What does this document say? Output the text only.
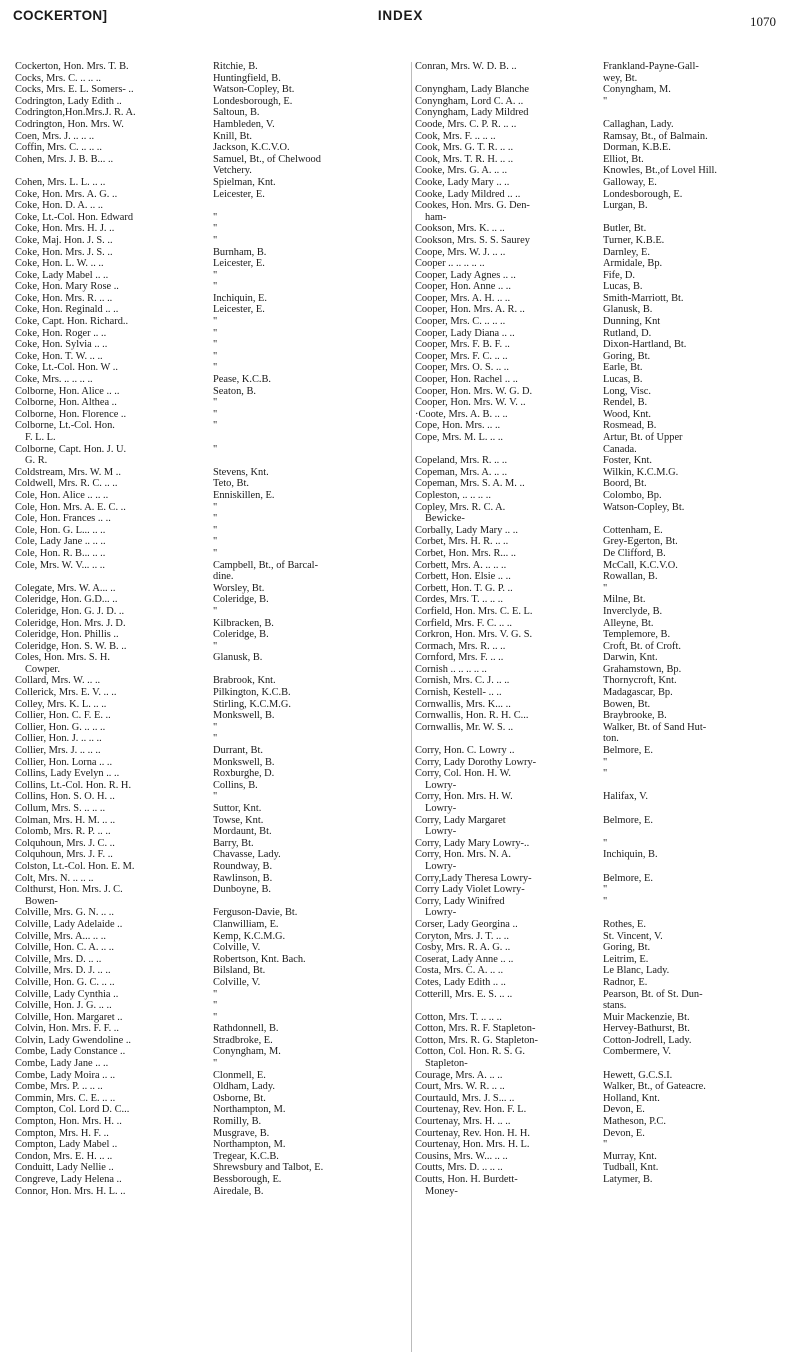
COCKERTON]	INDEX	1070
Cockerton, Hon. Mrs. T. B.	Ritchie, B.
Cocks, Mrs. C. .. .. ..	Huntingfield, B.
Cocks, Mrs. E. L. Somers- ..	Watson-Copley, Bt.
Codrington, Lady Edith ..	Londesborough, E.
Codrington,Hon.Mrs.J. R. A.	Saltoun, B.
Codrington, Hon. Mrs. W.	Hambleden, V.
Coen, Mrs. J. .. .. ..	Knill, Bt.
Coffin, Mrs. C. .. .. ..	Jackson, K.C.V.O.
Cohen, Mrs. J. B. B... ..	Samuel, Bt., of Chelwood
Vetchery.
Cohen, Mrs. L. L. .. ..	Spielman, Knt.
Coke, Hon. Mrs. A. G. ..	Leicester, E.
Coke, Hon. D. A. .. ..
Coke, Lt.-Col. Hon. Edward	"
Coke, Hon. Mrs. H. J. ..	"
Coke, Maj. Hon. J. S. ..	"
Coke, Hon. Mrs. J. S. ..	Burnham, B.
Coke, Hon. L. W. .. ..	Leicester, E.
Coke, Lady Mabel .. ..	"
Coke, Hon. Mary Rose ..	"
Coke, Hon. Mrs. R. .. ..	Inchiquin, E.
Coke, Hon. Reginald .. ..	Leicester, E.
Coke, Capt. Hon. Richard..	"
Coke, Hon. Roger .. ..	"
Coke, Hon. Sylvia .. ..	"
Coke, Hon. T. W. .. ..	"
Coke, Lt.-Col. Hon. W ..	"
Coke, Mrs. .. .. .. ..	Pease, K.C.B.
Colborne, Hon. Alice .. ..	Seaton, B.
Colborne, Hon. Althea ..	"
Colborne, Hon. Florence ..	"
Colborne, Lt.-Col. Hon.	"
F. L. L.
Colborne, Capt. Hon. J. U.	"
G. R.
Coldstream, Mrs. W. M ..	Stevens, Knt.
Coldwell, Mrs. R. C. .. ..	Teto, Bt.
Cole, Hon. Alice .. .. ..	Enniskillen, E.
Cole, Hon. Mrs. A. E. C. ..	"
Cole, Hon. Frances .. ..	"
Cole, Hon. G. L... .. ..	"
Cole, Lady Jane .. .. ..	"
Cole, Hon. R. B... .. ..	"
Cole, Mrs. W. V... .. ..	Campbell, Bt., of Barcal-
dine.
Colegate, Mrs. W. A... ..	Worsley, Bt.
Coleridge, Hon. G.D... ..	Coleridge, B.
Coleridge, Hon. G. J. D. ..	"
Coleridge, Hon. Mrs. J. D.	Kilbracken, B.
Coleridge, Hon. Phillis ..	Coleridge, B.
Coleridge, Hon. S. W. B. ..	"
Coles, Hon. Mrs. S. H.	Glanusk, B.
Cowper.
Collard, Mrs. W. .. ..	Brabrook, Knt.
Collerick, Mrs. E. V. .. ..	Pilkington, K.C.B.
Colley, Mrs. K. L. .. ..	Stirling, K.C.M.G.
Collier, Hon. C. F. E. ..	Monkswell, B.
Collier, Hon. G. .. .. ..	"
Collier, Hon. J. .. .. ..	"
Collier, Mrs. J. .. .. ..	Durrant, Bt.
Collier, Hon. Lorna .. ..	Monkswell, B.
Collins, Lady Evelyn .. ..	Roxburghe, D.
Collins, Lt.-Col. Hon. R. H.	Collins, B.
Collins, Hon. S. O. H. ..	"
Collum, Mrs. S. .. .. ..	Suttor, Knt.
Colman, Mrs. H. M. .. ..	Towse, Knt.
Colomb, Mrs. R. P. .. ..	Mordaunt, Bt.
Colquhoun, Mrs. J. C. ..	Barry, Bt.
Colquhoun, Mrs. J. F. ..	Chavasse, Lady.
Colston, Lt.-Col. Hon. E. M.	Roundway, B.
Colt, Mrs. N. .. .. ..	Rawlinson, B.
Colthurst, Hon. Mrs. J. C.	Dunboyne, B.
Bowen-
Colville, Mrs. G. N. .. ..	Ferguson-Davie, Bt.
Colville, Lady Adelaide ..	Clanwilliam, E.
Colville, Mrs. A... .. ..	Kemp, K.C.M.G.
Colville, Hon. C. A. .. ..	Colville, V.
Colville, Mrs. D. .. ..	Robertson, Knt. Bach.
Colville, Mrs. D. J. .. ..	Bilsland, Bt.
Colville, Hon. G. C. .. ..	Colville, V.
Colville, Lady Cynthia ..	"
Colville, Hon. J. G. .. ..	"
Colville, Hon. Margaret ..	"
Colvin, Hon. Mrs. F. F. ..	Rathdonnell, B.
Colvin, Lady Gwendoline ..	Stradbroke, E.
Combe, Lady Constance ..	Conyngham, M.
Combe, Lady Jane .. ..	"
Combe, Lady Moira .. ..	Clonmell, E.
Combe, Mrs. P. .. .. ..	Oldham, Lady.
Commin, Mrs. C. E. .. ..	Osborne, Bt.
Compton, Col. Lord D. C...	Northampton, M.
Compton, Hon. Mrs. H. ..	Romilly, B.
Compton, Mrs. H. F. ..	Musgrave, B.
Compton, Lady Mabel ..	Northampton, M.
Condon, Mrs. E. H. .. ..	Tregear, K.C.B.
Conduitt, Lady Nellie ..	Shrewsbury and Talbot, E.
Congreve, Lady Helena ..	Bessborough, E.
Connor, Hon. Mrs. H. L. ..	Airedale, B.
Conran, Mrs. W. D. B. ..	Frankland-Payne-Gall-
wey, Bt.
Conyngham, Lady Blanche	Conyngham, M.
Conyngham, Lord C. A. ..	"
Conyngham, Lady Mildred
Coode, Mrs. C. P. R. .. ..	Callaghan, Lady.
Cook, Mrs. F. .. .. ..	Ramsay, Bt., of Balmain.
Cook, Mrs. G. T. R. .. ..	Dorman, K.B.E.
Cook, Mrs. T. R. H. .. ..	Elliot, Bt.
Cooke, Mrs. G. A. .. ..	Knowles, Bt.,of Lovel Hill.
Cooke, Lady Mary .. ..	Galloway, E.
Cooke, Lady Mildred .. ..	Londesborough, E.
Cookes, Hon. Mrs. G. Den-	Lurgan, B.
ham-
Cookson, Mrs. K. .. ..	Butler, Bt.
Cookson, Mrs. S. S. Saurey	Turner, K.B.E.
Coope, Mrs. W. J. .. ..	Darnley, E.
Cooper .. .. .. .. ..	Armidale, Bp.
Cooper, Lady Agnes .. ..	Fife, D.
Cooper, Hon. Anne .. ..	Lucas, B.
Cooper, Mrs. A. H. .. ..	Smith-Marriott, Bt.
Cooper, Hon. Mrs. A. R. ..	Glanusk, B.
Cooper, Mrs. C. .. .. ..	Dunning, Knt
Cooper, Lady Diana .. ..	Rutland, D.
Cooper, Mrs. F. B. F. ..	Dixon-Hartland, Bt.
Cooper, Mrs. F. C. .. ..	Goring, Bt.
Cooper, Mrs. O. S. .. ..	Earle, Bt.
Cooper, Hon. Rachel .. ..	Lucas, B.
Cooper, Hon. Mrs. W. G. D.	Long, Visc.
Cooper, Hon. Mrs. W. V. ..	Rendel, B.
·Coote, Mrs. A. B. .. ..	Wood, Knt.
Cope, Hon. Mrs. .. ..	Rosmead, B.
Cope, Mrs. M. L. .. ..	Artur, Bt. of Upper
Canada.
Copeland, Mrs. R. .. ..	Foster, Knt.
Copeman, Mrs. A. .. ..	Wilkin, K.C.M.G.
Copeman, Mrs. S. A. M. ..	Boord, Bt.
Copleston, .. .. .. ..	Colombo, Bp.
Copley, Mrs. R. C. A.	Watson-Copley, Bt.
Bewicke-
Corbally, Lady Mary .. ..	Cottenham, E.
Corbet, Mrs. H. R. .. ..	Grey-Egerton, Bt.
Corbet, Hon. Mrs. R... ..	De Clifford, B.
Corbett, Mrs. A. .. .. ..	McCall, K.C.V.O.
Corbett, Hon. Elsie .. ..	Rowallan, B.
Corbett, Hon. T. G. P. ..	"
Cordes, Mrs. T. .. .. ..	Milne, Bt.
Corfield, Hon. Mrs. C. E. L.	Inverclyde, B.
Corfield, Mrs. F. C. .. ..	Alleyne, Bt.
Corkron, Hon. Mrs. V. G. S.	Templemore, B.
Cormach, Mrs. R. .. ..	Croft, Bt. of Croft.
Cornford, Mrs. F. .. ..	Darwin, Knt.
Cornish .. .. .. .. ..	Grahamstown, Bp.
Cornish, Mrs. C. J. .. ..	Thornycroft, Knt.
Cornish, Kestell- .. ..	Madagascar, Bp.
Cornwallis, Mrs. K... ..	Bowen, Bt.
Cornwallis, Hon. R. H. C...	Braybrooke, B.
Cornwallis, Mr. W. S. ..	Walker, Bt. of Sand Hut-
ton.
Corry, Hon. C. Lowry ..	Belmore, E.
Corry, Lady Dorothy Lowry-	"
Corry, Col. Hon. H. W.	"
Lowry-
Corry, Hon. Mrs. H. W.	Halifax, V.
Lowry-
Corry, Lady Margaret	Belmore, E.
Lowry-
Corry, Lady Mary Lowry-..	"
Corry, Hon. Mrs. N. A.	Inchiquin, B.
Lowry-
Corry,Lady Theresa Lowry-	Belmore, E.
Corry Lady Violet Lowry-	"
Corry, Lady Winifred	"
Lowry-
Corser, Lady Georgina ..	Rothes, E.
Coryton, Mrs. J. T. .. ..	St. Vincent, V.
Cosby, Mrs. R. A. G. ..	Goring, Bt.
Coserat, Lady Anne .. ..	Leitrim, E.
Costa, Mrs. C. A. .. ..	Le Blanc, Lady.
Cotes, Lady Edith .. ..	Radnor, E.
Cotterill, Mrs. E. S. .. ..	Pearson, Bt. of St. Dun-
stans.
Cotton, Mrs. T. .. .. ..	Muir Mackenzie, Bt.
Cotton, Mrs. R. F. Stapleton-	Hervey-Bathurst, Bt.
Cotton, Mrs. R. G. Stapleton-	Cotton-Jodrell, Lady.
Cotton, Col. Hon. R. S. G.	Combermere, V.
Stapleton-
Courage, Mrs. A. .. ..	Hewett, G.C.S.I.
Court, Mrs. W. R. .. ..	Walker, Bt., of Gateacre.
Courtauld, Mrs. J. S... ..	Holland, Knt.
Courtenay, Rev. Hon. F. L.	Devon, E.
Courtenay, Mrs. H. .. ..	Matheson, P.C.
Courtenay, Rev. Hon. H. H.	Devon, E.
Courtenay, Hon. Mrs. H. L.	"
Cousins, Mrs. W... .. ..	Murray, Knt.
Coutts, Mrs. D. .. .. ..	Tudball, Knt.
Coutts, Hon. H. Burdett-	Latymer, B.
Money-
